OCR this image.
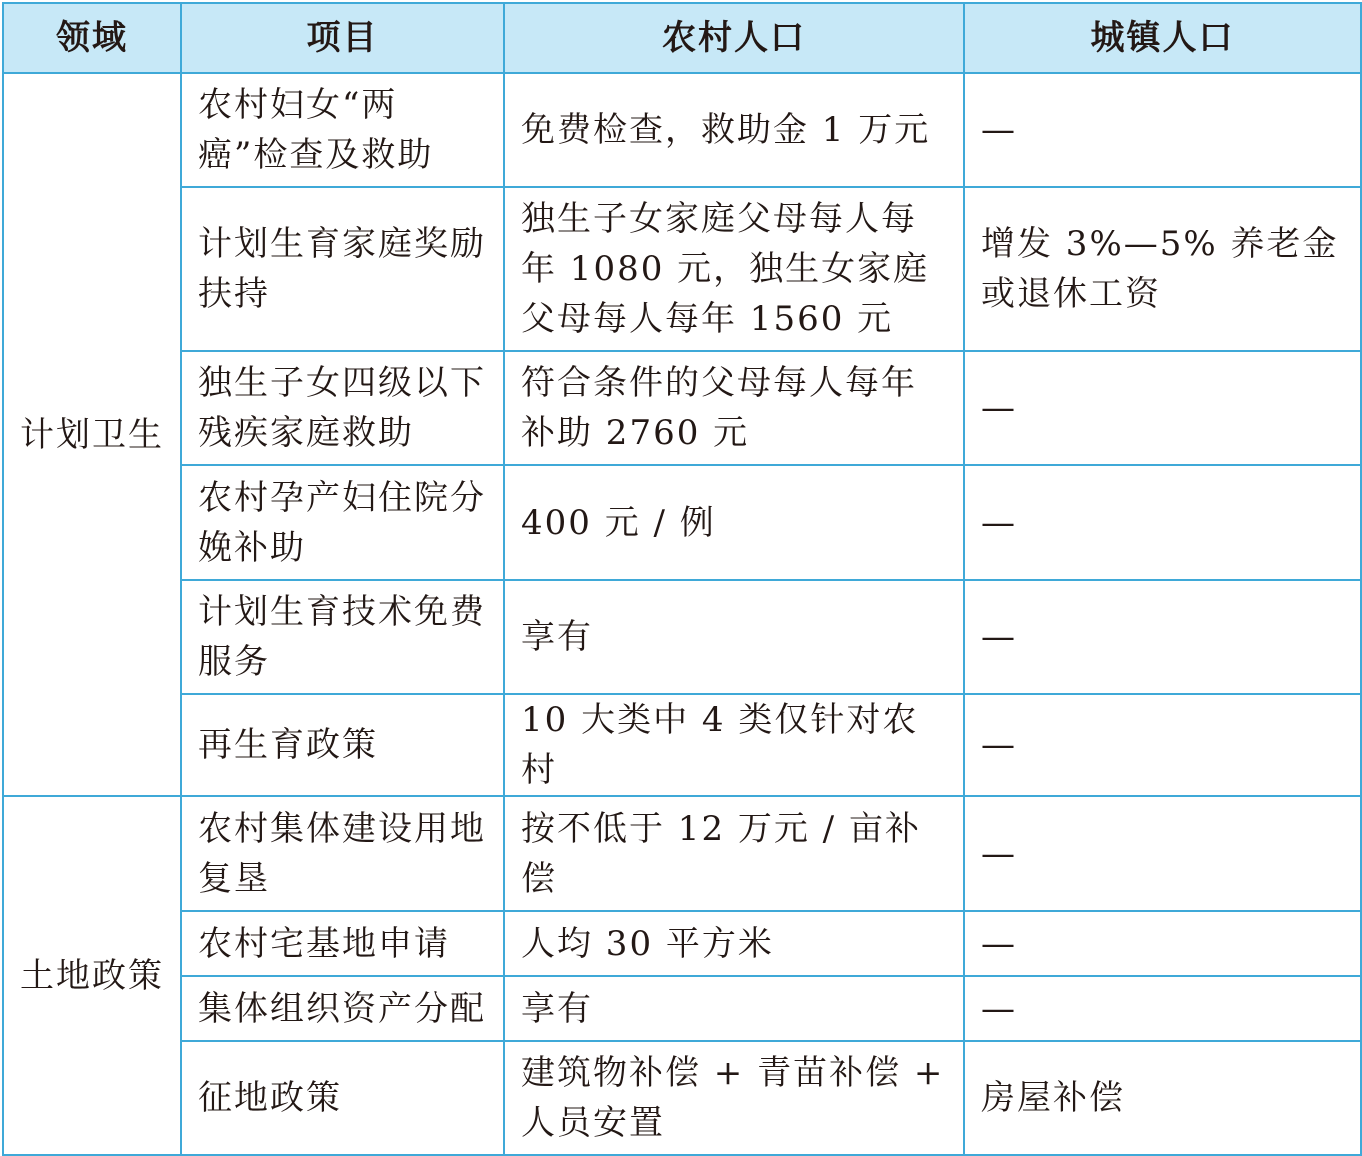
领域	项目	农村人口	城镇人口
计划卫生	农村妇女“两癌”检查及救助	免费检查，救助金 1 万元	—
	计划生育家庭奖励扶持	独生子女家庭父母每人每年 1080 元，独生女家庭父母每人每年 1560 元	增发 3%—5% 养老金或退休工资
	独生子女四级以下残疾家庭救助	符合条件的父母每人每年补助 2760 元	—
	农村孕产妇住院分娩补助	400 元 / 例	—
	计划生育技术免费服务	享有	—
	再生育政策	10 大类中 4 类仅针对农村	—
土地政策	农村集体建设用地复垦	按不低于 12 万元 / 亩补偿	—
	农村宅基地申请	人均 30 平方米	—
	集体组织资产分配	享有	—
	征地政策	建筑物补偿 + 青苗补偿 + 人员安置	房屋补偿
